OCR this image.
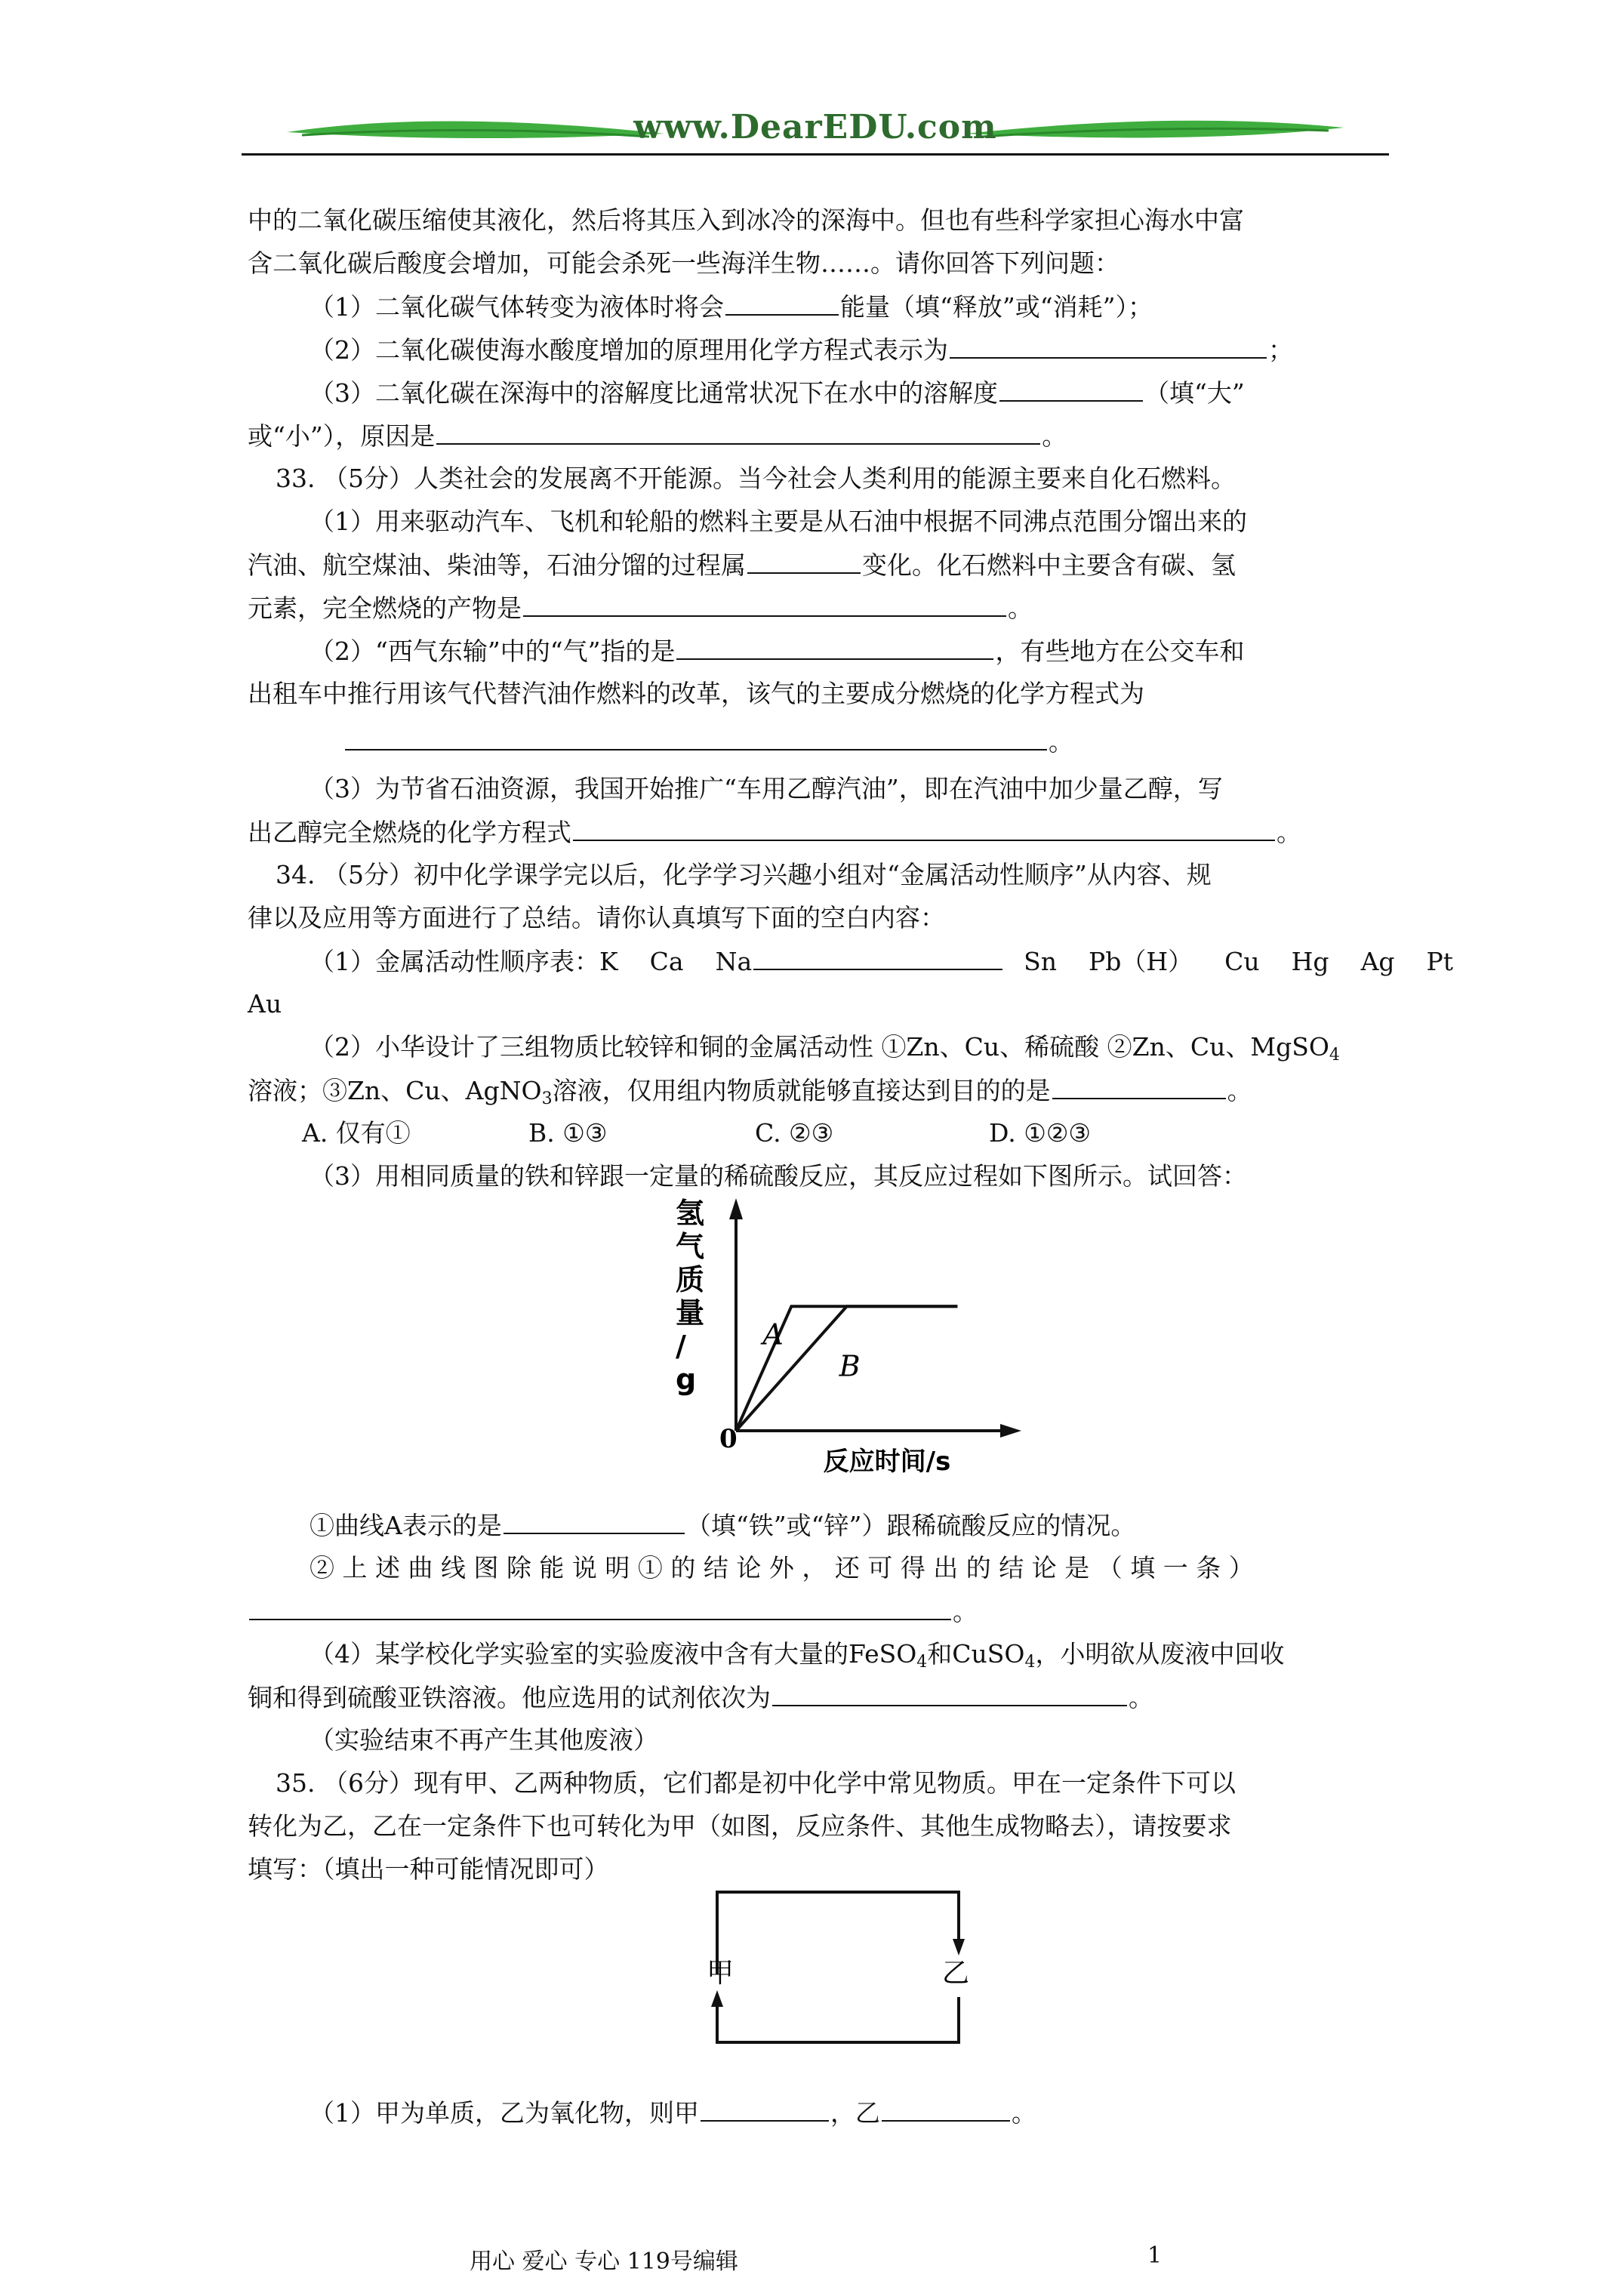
www.DearEDU.com
中的二氧化碳压缩使其液化，然后将其压入到冰冷的深海中。但也有些科学家担心海水中富
含二氧化碳后酸度会增加，可能会杀死一些海洋生物……。请你回答下列问题：
（1）二氧化碳气体转变为液体时将会	能量（填“释放”或“消耗”）；
（2）二氧化碳使海水酸度增加的原理用化学方程式表示为	；
（3）二氧化碳在深海中的溶解度比通常状况下在水中的溶解度	（填“大”
或“小”），原因是	。
33. （5分）人类社会的发展离不开能源。当今社会人类利用的能源主要来自化石燃料。
（1）用来驱动汽车、飞机和轮船的燃料主要是从石油中根据不同沸点范围分馏出来的
汽油、航空煤油、柴油等，石油分馏的过程属	变化。化石燃料中主要含有碳、氢
元素，完全燃烧的产物是	。
（2）“西气东输”中的“气”指的是	，有些地方在公交车和
出租车中推行用该气代替汽油作燃料的改革，该气的主要成分燃烧的化学方程式为
。
（3）为节省石油资源，我国开始推广“车用乙醇汽油”，即在汽油中加少量乙醇，写
出乙醇完全燃烧的化学方程式	。
34. （5分）初中化学课学完以后，化学学习兴趣小组对“金属活动性顺序”从内容、规
律以及应用等方面进行了总结。请你认真填写下面的空白内容：
（1）金属活动性顺序表：K Ca Na	Sn Pb（H） Cu Hg Ag Pt
Au
（2）小华设计了三组物质比较锌和铜的金属活动性 ①Zn、Cu、稀硫酸 ②Zn、Cu、MgSO$_4$
溶液；③Zn、Cu、AgNO$_3$溶液，仅用组内物质就能够直接达到目的的是	。
A. 仅有①	B. ①③	C. ②③	D. ①②③
（3）用相同质量的铁和锌跟一定量的稀硫酸反应，其反应过程如下图所示。试回答：
0
氢
气
质
量
/
g
反应时间/s
A
B
①曲线A表示的是	（填“铁”或“锌”）跟稀硫酸反应的情况。
② 上 述 曲 线 图 除 能 说 明 ① 的 结 论 外 ， 还 可 得 出 的 结 论 是 （ 填 一 条 ）
。
（4）某学校化学实验室的实验废液中含有大量的FeSO$_4$和CuSO$_4$，小明欲从废液中回收
铜和得到硫酸亚铁溶液。他应选用的试剂依次为	。
（实验结束不再产生其他废液）
35. （6分）现有甲、乙两种物质，它们都是初中化学中常见物质。甲在一定条件下可以
转化为乙，乙在一定条件下也可转化为甲（如图，反应条件、其他生成物略去），请按要求
填写：（填出一种可能情况即可）
甲	乙
（1）甲为单质，乙为氧化物，则甲	，乙	。
用心 爱心 专心 119号编辑	1
